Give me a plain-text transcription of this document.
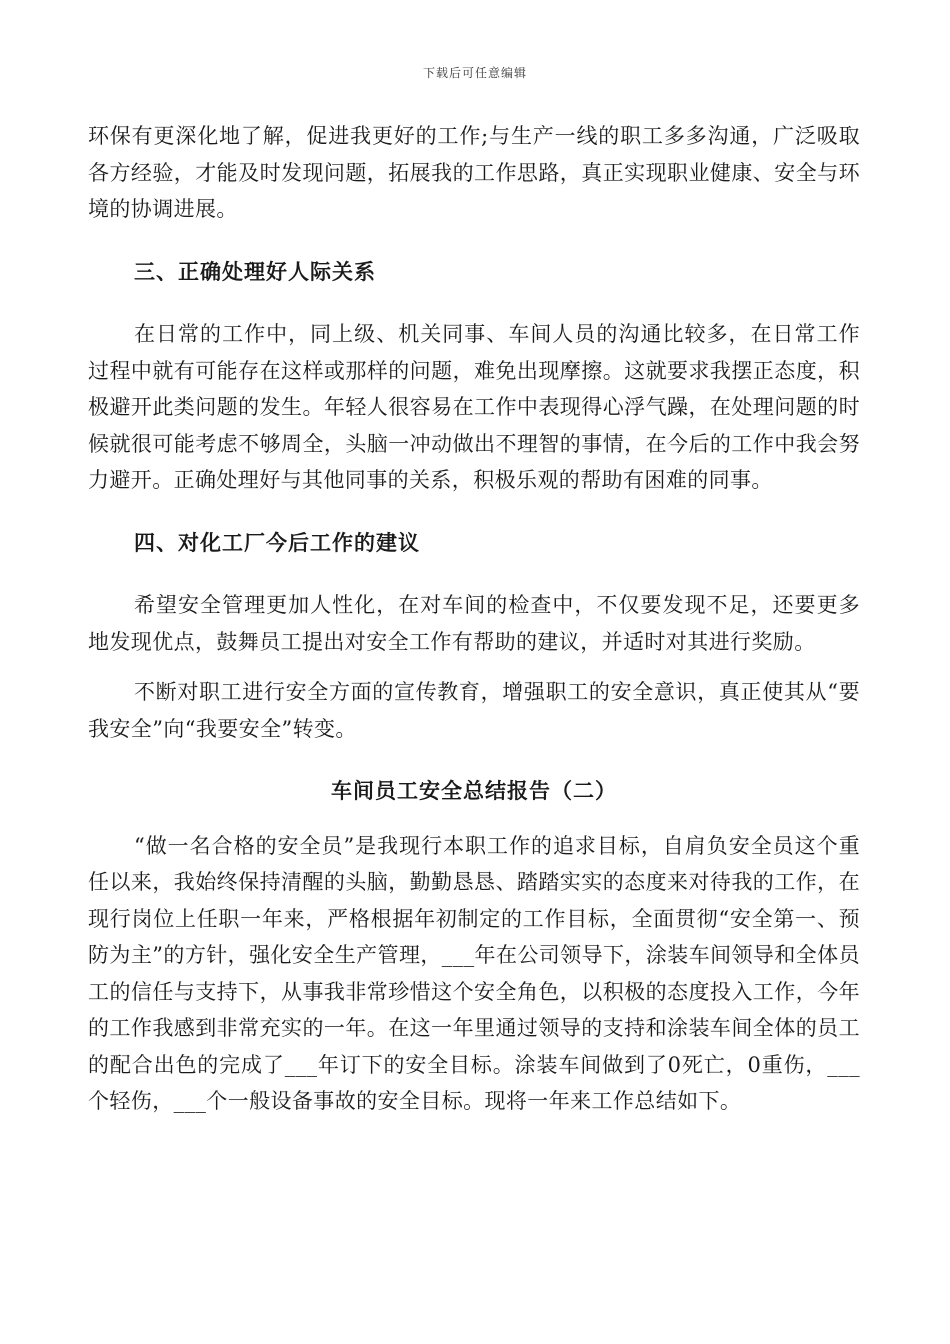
下载后可任意编辑

环保有更深化地了解，促进我更好的工作;与生产一线的职工多多沟通，广泛吸取各方经验，才能及时发现问题，拓展我的工作思路，真正实现职业健康、安全与环境的协调进展。

三、正确处理好人际关系

在日常的工作中，同上级、机关同事、车间人员的沟通比较多，在日常工作过程中就有可能存在这样或那样的问题，难免出现摩擦。这就要求我摆正态度，积极避开此类问题的发生。年轻人很容易在工作中表现得心浮气躁，在处理问题的时候就很可能考虑不够周全，头脑一冲动做出不理智的事情，在今后的工作中我会努力避开。正确处理好与其他同事的关系，积极乐观的帮助有困难的同事。

四、对化工厂今后工作的建议

希望安全管理更加人性化，在对车间的检查中，不仅要发现不足，还要更多地发现优点，鼓舞员工提出对安全工作有帮助的建议，并适时对其进行奖励。

不断对职工进行安全方面的宣传教育，增强职工的安全意识，真正使其从“要我安全”向“我要安全”转变。

车间员工安全总结报告（二）

“做一名合格的安全员”是我现行本职工作的追求目标，自肩负安全员这个重任以来，我始终保持清醒的头脑，勤勤恳恳、踏踏实实的态度来对待我的工作，在现行岗位上任职一年来，严格根据年初制定的工作目标，全面贯彻“安全第一、预防为主”的方针，强化安全生产管理，___年在公司领导下，涂装车间领导和全体员工的信任与支持下，从事我非常珍惜这个安全角色，以积极的态度投入工作，今年的工作我感到非常充实的一年。在这一年里通过领导的支持和涂装车间全体的员工的配合出色的完成了___年订下的安全目标。涂装车间做到了0死亡，0重伤，___个轻伤，___个一般设备事故的安全目标。现将一年来工作总结如下。
